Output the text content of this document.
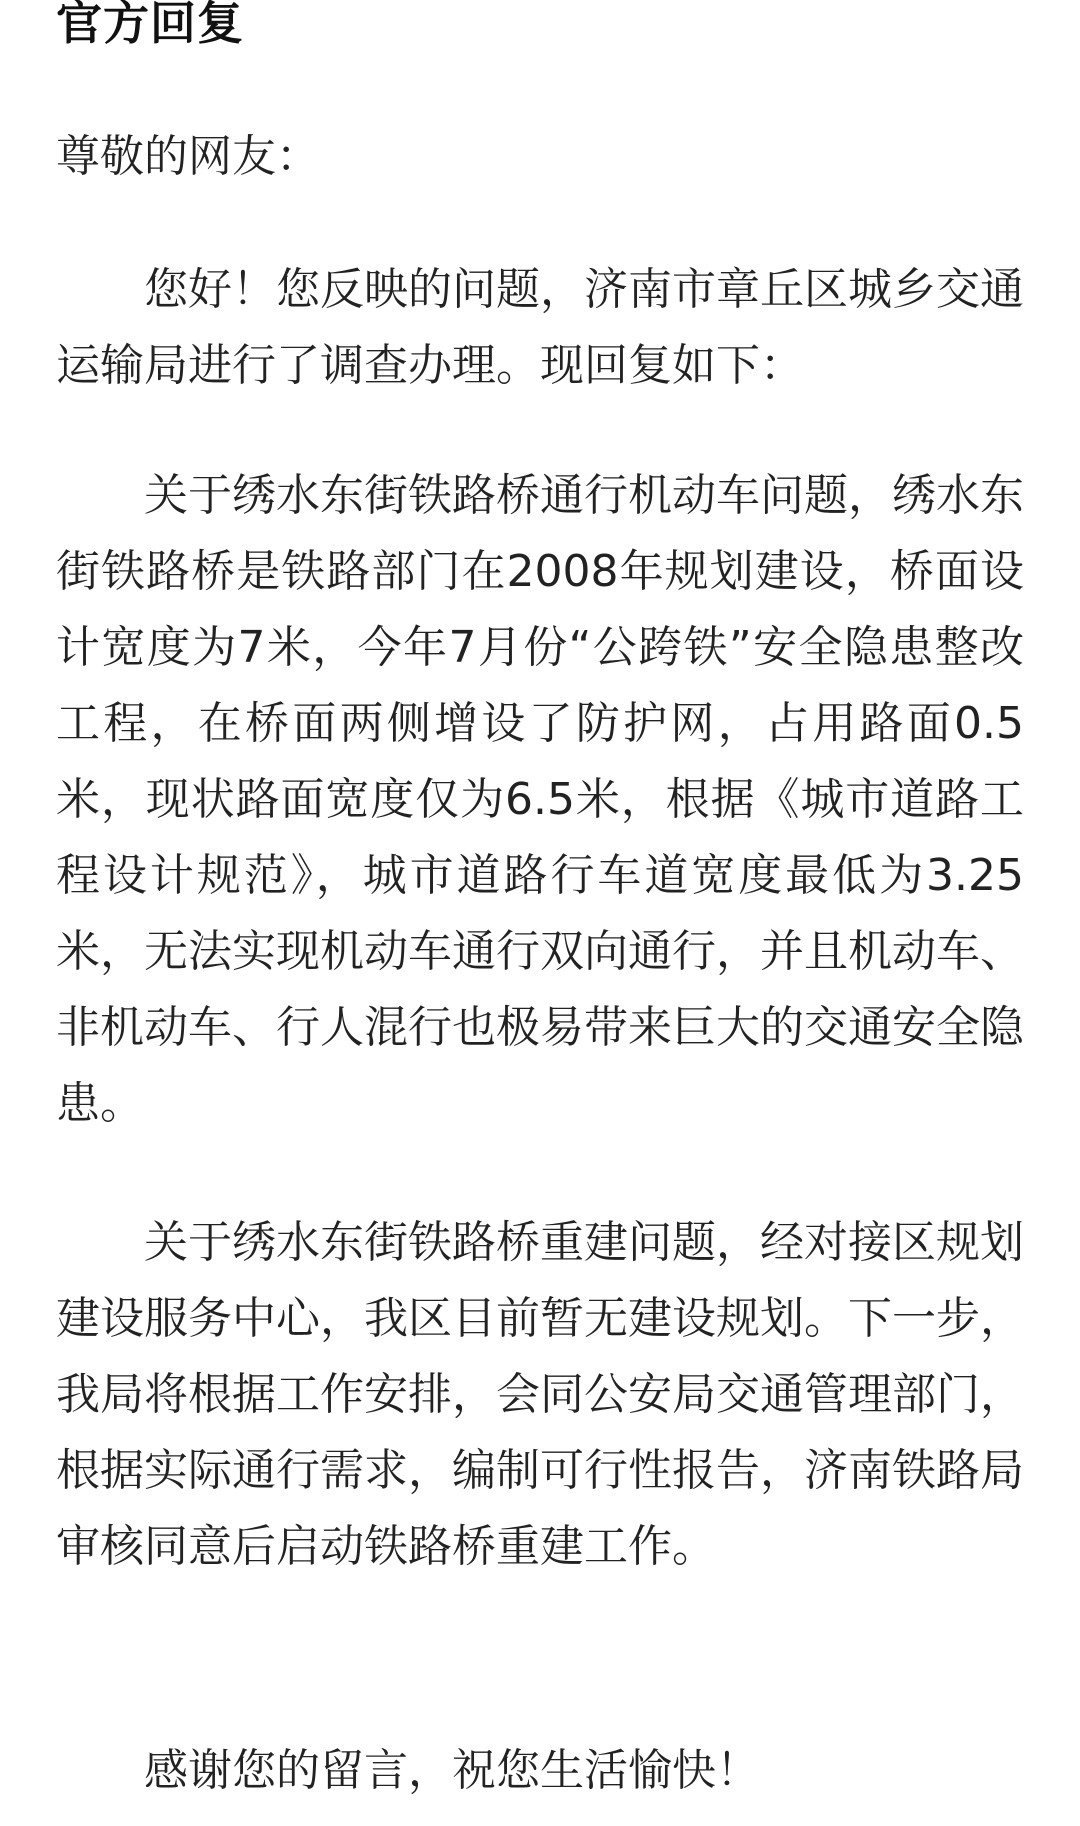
官方回复

尊敬的网友：

您好！您反映的问题，济南市章丘区城乡交通运输局进行了调查办理。现回复如下：

关于绣水东街铁路桥通行机动车问题，绣水东街铁路桥是铁路部门在2008年规划建设，桥面设计宽度为7米，今年7月份“公跨铁”安全隐患整改工程，在桥面两侧增设了防护网，占用路面0.5米，现状路面宽度仅为6.5米，根据《城市道路工程设计规范》，城市道路行车道宽度最低为3.25米，无法实现机动车通行双向通行，并且机动车、非机动车、行人混行也极易带来巨大的交通安全隐患。

关于绣水东街铁路桥重建问题，经对接区规划建设服务中心，我区目前暂无建设规划。下一步，我局将根据工作安排，会同公安局交通管理部门，根据实际通行需求，编制可行性报告，济南铁路局审核同意后启动铁路桥重建工作。

感谢您的留言，祝您生活愉快！
